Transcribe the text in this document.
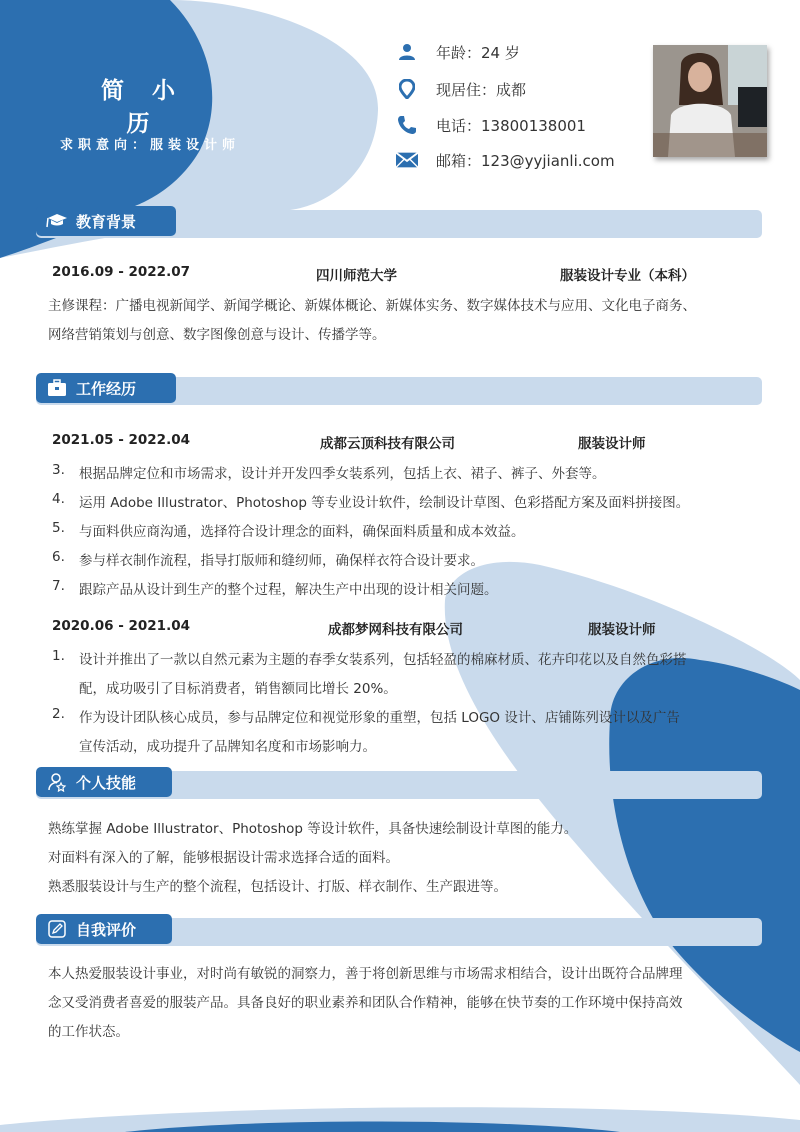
简 小 历
求职意向：服装设计师
年龄：24 岁
现居住：成都
电话：13800138001
邮箱：123@yyjianli.com
教育背景
2016.09 - 2022.07	四川师范大学	服装设计专业（本科）
主修课程：广播电视新闻学、新闻学概论、新媒体概论、新媒体实务、数字媒体技术与应用、文化电子商务、
网络营销策划与创意、数字图像创意与设计、传播学等。
工作经历
2021.05 - 2022.04	成都云顶科技有限公司	服装设计师
3. 根据品牌定位和市场需求，设计并开发四季女装系列，包括上衣、裙子、裤子、外套等。
4. 运用 Adobe Illustrator、Photoshop 等专业设计软件，绘制设计草图、色彩搭配方案及面料拼接图。
5. 与面料供应商沟通，选择符合设计理念的面料，确保面料质量和成本效益。
6. 参与样衣制作流程，指导打版师和缝纫师，确保样衣符合设计要求。
7. 跟踪产品从设计到生产的整个过程，解决生产中出现的设计相关问题。
2020.06 - 2021.04	成都梦网科技有限公司	服装设计师
1. 设计并推出了一款以自然元素为主题的春季女装系列，包括轻盈的棉麻材质、花卉印花以及自然色彩搭
配，成功吸引了目标消费者，销售额同比增长 20%。
2. 作为设计团队核心成员，参与品牌定位和视觉形象的重塑，包括 LOGO 设计、店铺陈列设计以及广告
宣传活动，成功提升了品牌知名度和市场影响力。
个人技能
熟练掌握 Adobe Illustrator、Photoshop 等设计软件，具备快速绘制设计草图的能力。
对面料有深入的了解，能够根据设计需求选择合适的面料。
熟悉服装设计与生产的整个流程，包括设计、打版、样衣制作、生产跟进等。
自我评价
本人热爱服装设计事业，对时尚有敏锐的洞察力，善于将创新思维与市场需求相结合，设计出既符合品牌理
念又受消费者喜爱的服装产品。具备良好的职业素养和团队合作精神，能够在快节奏的工作环境中保持高效
的工作状态。
